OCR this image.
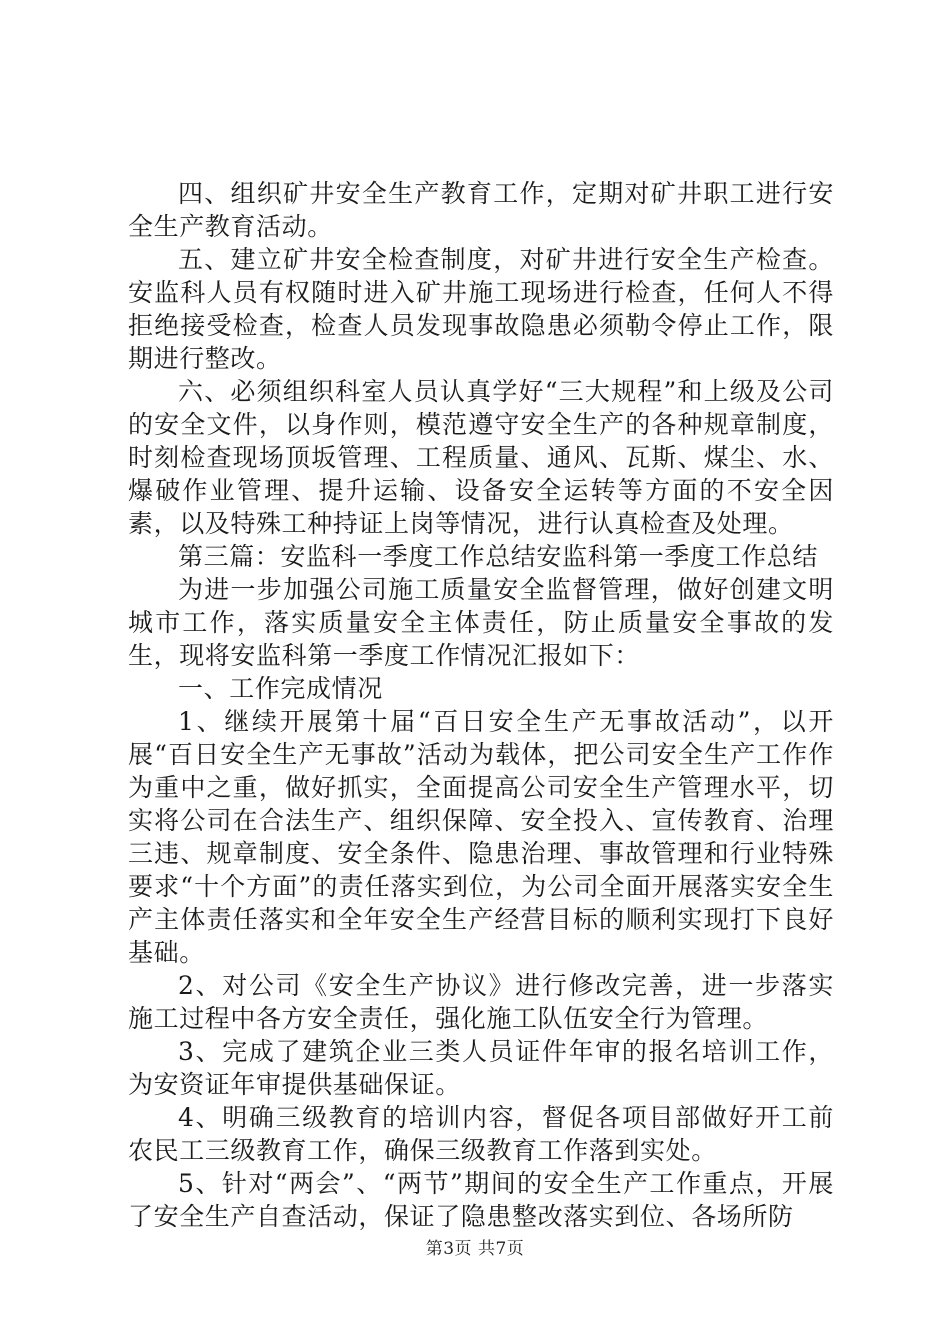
四、组织矿井安全生产教育工作，定期对矿井职工进行安全生产教育活动。

五、建立矿井安全检查制度，对矿井进行安全生产检查。安监科人员有权随时进入矿井施工现场进行检查，任何人不得拒绝接受检查，检查人员发现事故隐患必须勒令停止工作，限期进行整改。

六、必须组织科室人员认真学好“三大规程”和上级及公司的安全文件，以身作则，模范遵守安全生产的各种规章制度，时刻检查现场顶坂管理、工程质量、通风、瓦斯、煤尘、水、爆破作业管理、提升运输、设备安全运转等方面的不安全因素，以及特殊工种持证上岗等情况，进行认真检查及处理。

第三篇：安监科一季度工作总结安监科第一季度工作总结

为进一步加强公司施工质量安全监督管理，做好创建文明城市工作，落实质量安全主体责任，防止质量安全事故的发生，现将安监科第一季度工作情况汇报如下：

一、工作完成情况

1、继续开展第十届“百日安全生产无事故活动”，以开展“百日安全生产无事故”活动为载体，把公司安全生产工作作为重中之重，做好抓实，全面提高公司安全生产管理水平，切实将公司在合法生产、组织保障、安全投入、宣传教育、治理三违、规章制度、安全条件、隐患治理、事故管理和行业特殊要求“十个方面”的责任落实到位，为公司全面开展落实安全生产主体责任落实和全年安全生产经营目标的顺利实现打下良好基础。

2、对公司《安全生产协议》进行修改完善，进一步落实施工过程中各方安全责任，强化施工队伍安全行为管理。

3、完成了建筑企业三类人员证件年审的报名培训工作，为安资证年审提供基础保证。

4、明确三级教育的培训内容，督促各项目部做好开工前农民工三级教育工作，确保三级教育工作落到实处。

5、针对“两会”、“两节”期间的安全生产工作重点，开展了安全生产自查活动，保证了隐患整改落实到位、各场所防

第3页 共7页
